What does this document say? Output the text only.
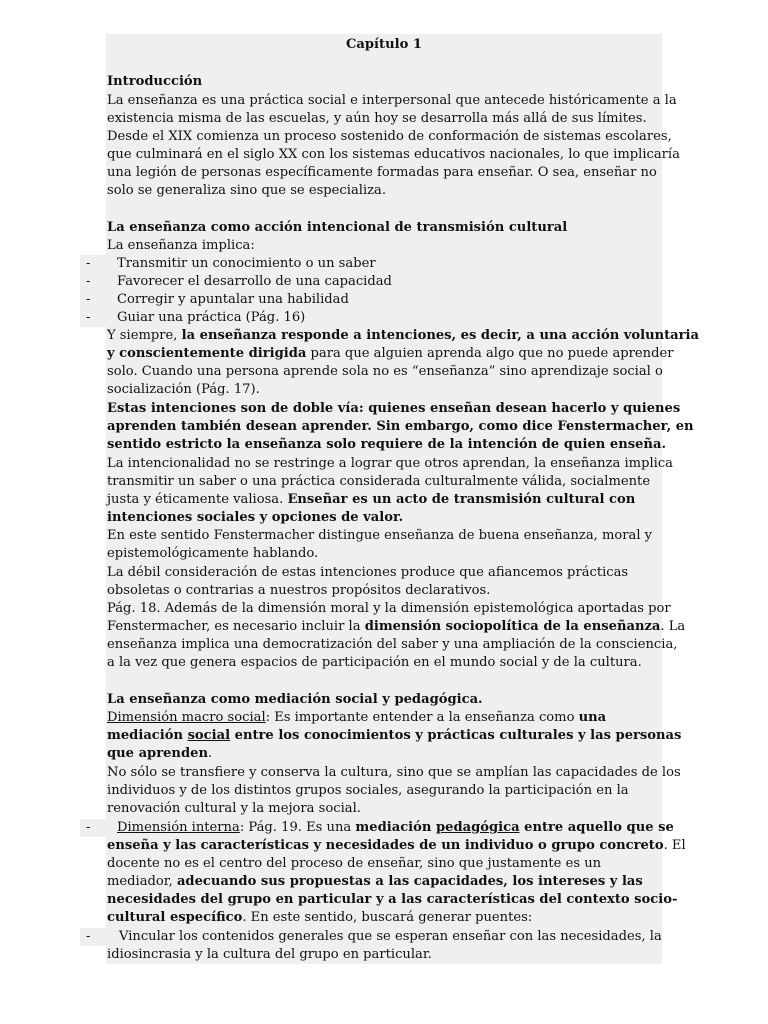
Capítulo 1
Introducción
La enseñanza es una práctica social e interpersonal que antecede históricamente a la
existencia misma de las escuelas, y aún hoy se desarrolla más allá de sus límites.
Desde el XIX comienza un proceso sostenido de conformación de sistemas escolares,
que culminará en el siglo XX con los sistemas educativos nacionales, lo que implicaría
una legión de personas específicamente formadas para enseñar. O sea, enseñar no
solo se generaliza sino que se especializa.
La enseñanza como acción intencional de transmisión cultural
La enseñanza implica:
- Transmitir un conocimiento o un saber
- Favorecer el desarrollo de una capacidad
- Corregir y apuntalar una habilidad
- Guiar una práctica (Pág. 16)
Y siempre, la enseñanza responde a intenciones, es decir, a una acción voluntaria
y conscientemente dirigida para que alguien aprenda algo que no puede aprender
solo. Cuando una persona aprende sola no es “enseñanza” sino aprendizaje social o
socialización (Pág. 17).
Estas intenciones son de doble vía: quienes enseñan desean hacerlo y quienes
aprenden también desean aprender. Sin embargo, como dice Fenstermacher, en
sentido estricto la enseñanza solo requiere de la intención de quien enseña.
La intencionalidad no se restringe a lograr que otros aprendan, la enseñanza implica
transmitir un saber o una práctica considerada culturalmente válida, socialmente
justa y éticamente valiosa. Enseñar es un acto de transmisión cultural con
intenciones sociales y opciones de valor.
En este sentido Fenstermacher distingue enseñanza de buena enseñanza, moral y
epistemológicamente hablando.
La débil consideración de estas intenciones produce que afiancemos prácticas
obsoletas o contrarias a nuestros propósitos declarativos.
Pág. 18. Además de la dimensión moral y la dimensión epistemológica aportadas por
Fenstermacher, es necesario incluir la dimensión sociopolítica de la enseñanza. La
enseñanza implica una democratización del saber y una ampliación de la consciencia,
a la vez que genera espacios de participación en el mundo social y de la cultura.
La enseñanza como mediación social y pedagógica.
Dimensión macro social: Es importante entender a la enseñanza como una
mediación social entre los conocimientos y prácticas culturales y las personas
que aprenden.
No sólo se transfiere y conserva la cultura, sino que se amplían las capacidades de los
individuos y de los distintos grupos sociales, asegurando la participación en la
renovación cultural y la mejora social.
- Dimensión interna: Pág. 19. Es una mediación pedagógica entre aquello que se
enseña y las características y necesidades de un individuo o grupo concreto. El
docente no es el centro del proceso de enseñar, sino que justamente es un
mediador, adecuando sus propuestas a las capacidades, los intereses y las
necesidades del grupo en particular y a las características del contexto socio-
cultural específico. En este sentido, buscará generar puentes:
- Vincular los contenidos generales que se esperan enseñar con las necesidades, la
idiosincrasia y la cultura del grupo en particular.
